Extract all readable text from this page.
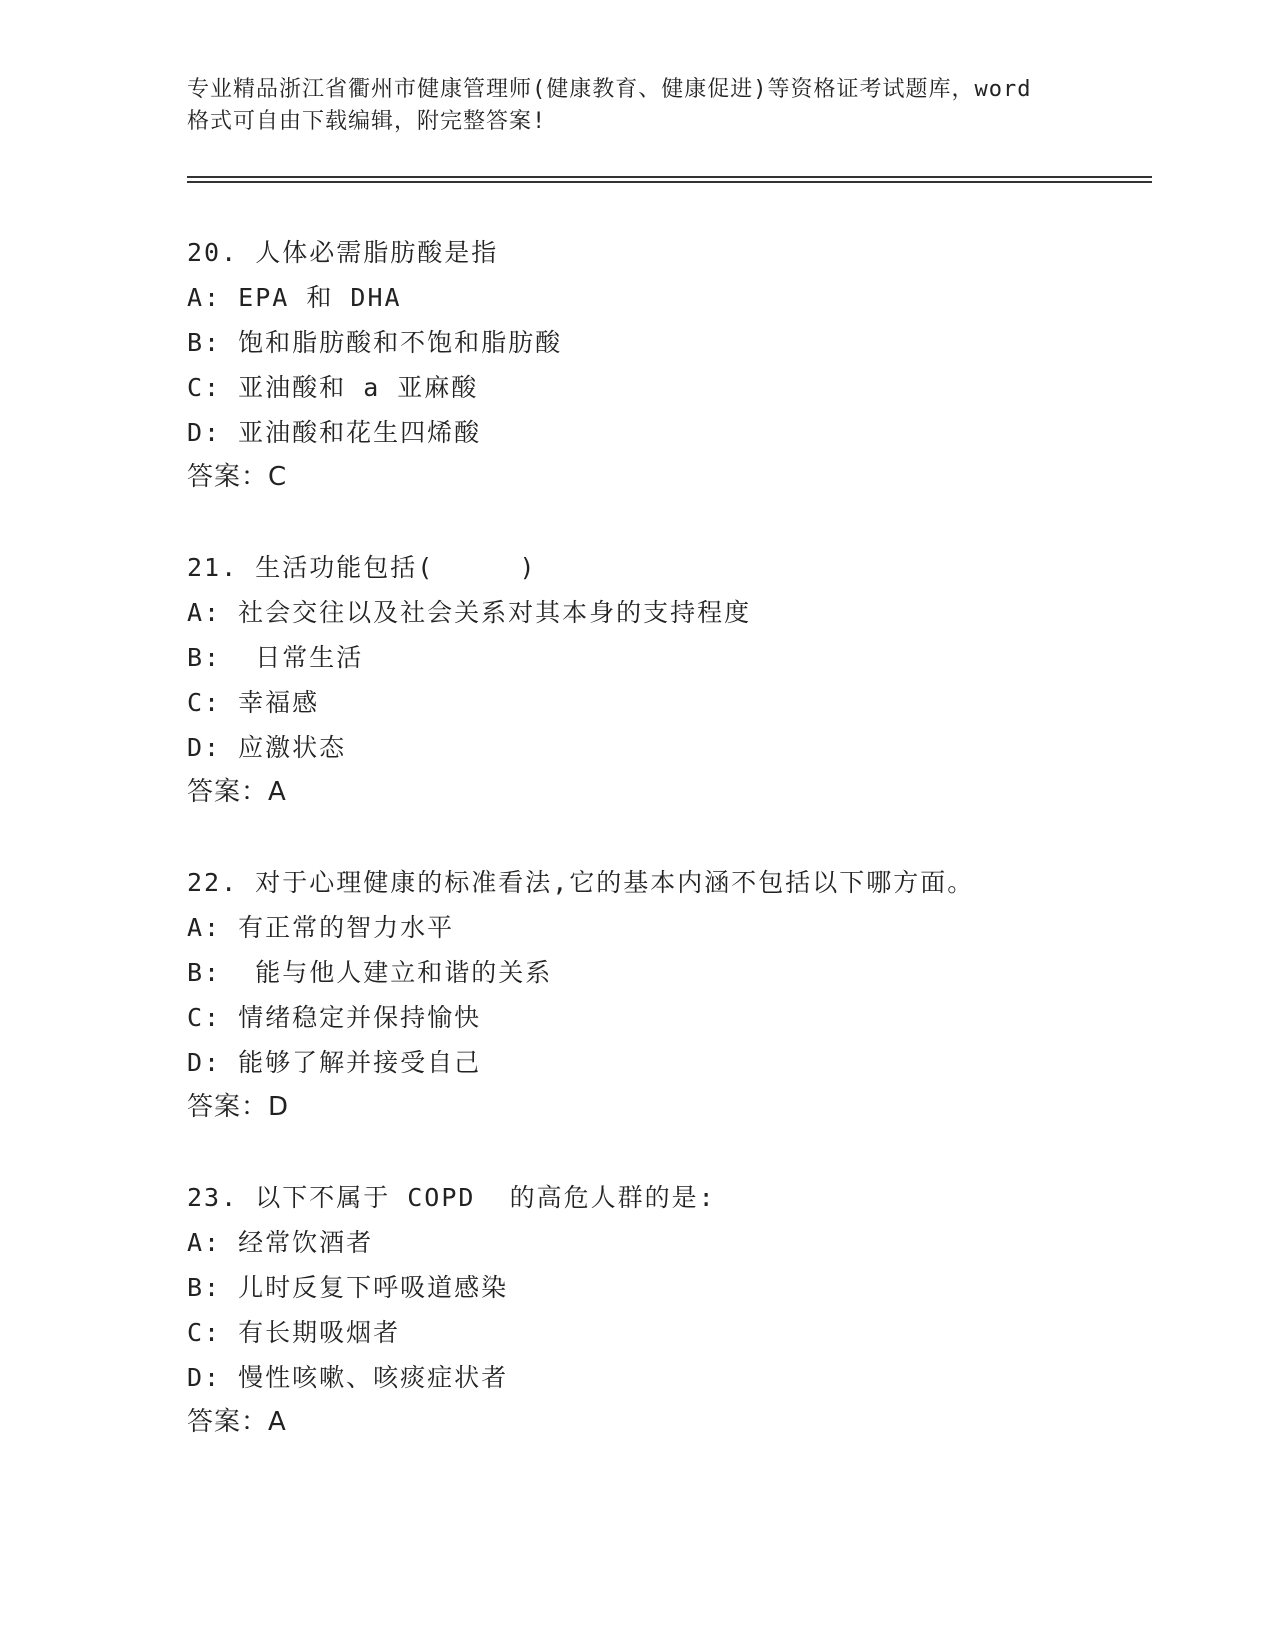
专业精品浙江省衢州市健康管理师(健康教育、健康促进)等资格证考试题库，word
格式可自由下载编辑，附完整答案!
20. 人体必需脂肪酸是指
A: EPA 和 DHA
B: 饱和脂肪酸和不饱和脂肪酸
C: 亚油酸和 a 亚麻酸
D: 亚油酸和花生四烯酸
答案：C
21. 生活功能包括(     )
A: 社会交往以及社会关系对其本身的支持程度
B:  日常生活
C: 幸福感
D: 应激状态
答案：A
22. 对于心理健康的标准看法,它的基本内涵不包括以下哪方面。
A: 有正常的智力水平
B:  能与他人建立和谐的关系
C: 情绪稳定并保持愉快
D: 能够了解并接受自己
答案：D
23. 以下不属于 COPD  的高危人群的是:
A: 经常饮酒者
B: 儿时反复下呼吸道感染
C: 有长期吸烟者
D: 慢性咳嗽、咳痰症状者
答案：A
